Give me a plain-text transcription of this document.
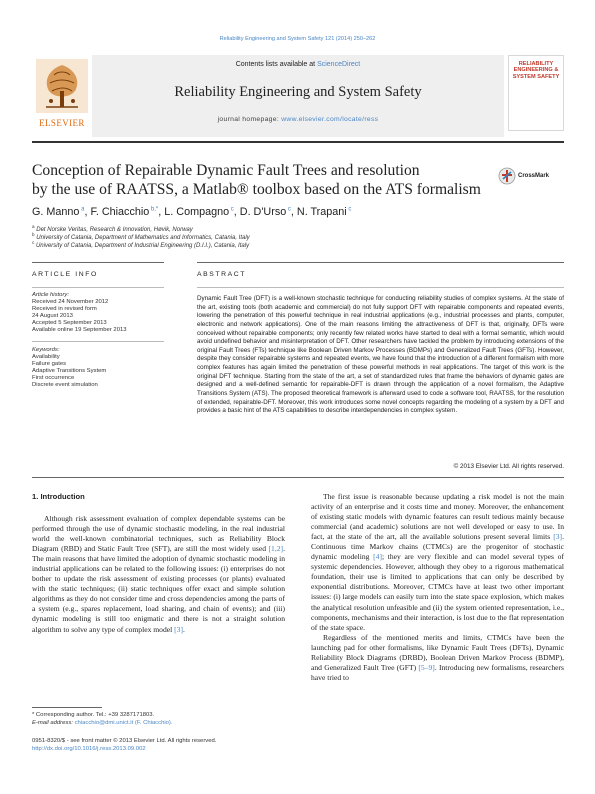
Reliability Engineering and System Safety 121 (2014) 250–262
ELSEVIER
Contents lists available at ScienceDirect
Reliability Engineering and System Safety
journal homepage: www.elsevier.com/locate/ress
RELIABILITY ENGINEERING & SYSTEM SAFETY
Conception of Repairable Dynamic Fault Trees and resolution
by the use of RAATSS, a Matlab® toolbox based on the ATS formalism
CrossMark
G. Manno $^a$, F. Chiacchio $^{b,*}$, L. Compagno $^c$, D. D'Urso $^c$, N. Trapani $^c$
$^a$ Det Norske Veritas, Research & Innovation, Høvik, Norway
$^b$ University of Catania, Department of Mathematics and Informatics, Catania, Italy
$^c$ University of Catania, Department of Industrial Engineering (D.I.I.), Catania, Italy
ARTICLE INFO	ABSTRACT
Article history:
Received 24 November 2012
Received in revised form
24 August 2013
Accepted 5 September 2013
Available online 19 September 2013
Keywords:
Availability
Failure gates
Adaptive Transitions System
First occurrence
Discrete event simulation
Dynamic Fault Tree (DFT) is a well-known stochastic technique for conducting reliability studies of complex systems. At the state of the art, existing tools (both academic and commercial) do not fully support DFT with repairable components and repeated events, lowering the penetration of this powerful technique in real industrial applications (e.g., industrial processes and plants, computer, electronic and network applications). One of the main reasons limiting the attractiveness of DFT is that, originally, DFTs were conceived without repairable components; only recently few related works have started to deal with a formal semantic, which would avoid undefined behavior and misinterpretation of DFT. Other researchers have tackled the problem by introducing extensions of the original Fault Trees (FTs) technique like Boolean Driven Markov Processes (BDMPs) and Generalized Fault Trees (GFTs). However, despite they consider repairable systems and repeated events, we have found that the introduction of a different formalism with more complex features has again limited the penetration of these powerful methods in real applications. The target of this work is the original DFT technique. Starting from the state of the art, a set of standardized rules that frame the behaviors of dynamic gates are designed and a well-defined semantic for repairable-DFT is drawn through the application of a novel formalism, the Adaptive Transitions System (ATS). The proposed theoretical framework is afterward used to code a software tool, RAATSS, for the resolution of extended, repairable-DFT. Moreover, this work introduces some novel concepts regarding the modeling of a system by a DFT and provides a basic hint of the ATS capabilities to describe interdependencies in complex system.
© 2013 Elsevier Ltd. All rights reserved.
1. Introduction
Although risk assessment evaluation of complex dependable systems can be performed through the use of dynamic stochastic modeling, in the real industrial world the well-known combinatorial techniques, such as Reliability Block Diagram (RBD) and Static Fault Tree (SFT), are still the most widely used [1,2]. The main reasons that have limited the adoption of dynamic stochastic modeling in industrial applications can be related to the following issues: (i) enterprises do not bother to update the risk assessment of existing processes (or plants) evaluated with the static techniques; (ii) static techniques offer exact and simple solution algorithms as they do not consider time and cross dependencies among the parts of a system (e.g., spares replacement, load sharing, and chain of events); and (iii) dynamic modeling is still too enigmatic and there is not a straight solution algorithm to solve any type of complex model [3].
The first issue is reasonable because updating a risk model is not the main activity of an enterprise and it costs time and money. Moreover, the enhancement of existing static models with dynamic features can result tedious mainly because commercial (and academic) solutions are not well developed or easy to use. In fact, at the state of the art, all the available solutions present several limits [3]. Continuous time Markov chains (CTMCs) are the progenitor of stochastic dynamic modeling [4]; they are very flexible and can model several types of systemic dependencies. However, although they obey to a rigorous mathematical foundation, their use is limited to applications that can only be described by exponential distributions. Moreover, CTMCs have at least two other important issues: (i) large models can easily turn into the state space explosion, which makes the analytical resolution unfeasible and (ii) the system oriented representation, i.e., components, mechanisms and their interaction, is lost due to the flat representation of the state space.
Regardless of the mentioned merits and limits, CTMCs have been the launching pad for other formalisms, like Dynamic Fault Trees (DFTs), Dynamic Reliability Block Diagrams (DRBD), Boolean Driven Markov Process (BDMP), and Generalized Fault Tree (GFT) [5–9]. Introducing new formalisms, researchers have tried to
* Corresponding author. Tel.: +39 3287171803.
E-mail address: chiacchio@dmi.unict.it (F. Chiacchio).
0951-8320/$ - see front matter © 2013 Elsevier Ltd. All rights reserved.
http://dx.doi.org/10.1016/j.ress.2013.09.002
